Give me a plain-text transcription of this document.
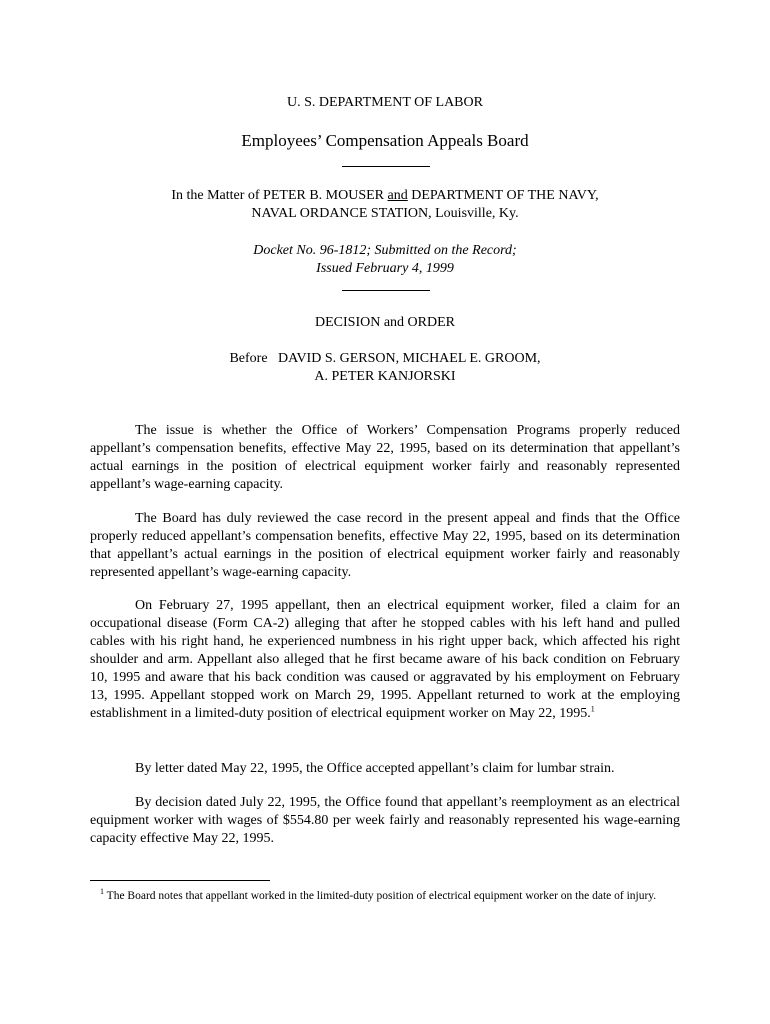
U. S. DEPARTMENT OF LABOR
Employees’ Compensation Appeals Board
In the Matter of PETER B. MOUSER and DEPARTMENT OF THE NAVY,
NAVAL ORDANCE STATION, Louisville, Ky.
Docket No. 96-1812; Submitted on the Record;
Issued February 4, 1999
DECISION and ORDER
Before   DAVID S. GERSON, MICHAEL E. GROOM,
A. PETER KANJORSKI

The issue is whether the Office of Workers’ Compensation Programs properly reduced appellant’s compensation benefits, effective May 22, 1995, based on its determination that appellant’s actual earnings in the position of electrical equipment worker fairly and reasonably represented appellant’s wage-earning capacity.

The Board has duly reviewed the case record in the present appeal and finds that the Office properly reduced appellant’s compensation benefits, effective May 22, 1995, based on its determination that appellant’s actual earnings in the position of electrical equipment worker fairly and reasonably represented appellant’s wage-earning capacity.

On February 27, 1995 appellant, then an electrical equipment worker, filed a claim for an occupational disease (Form CA-2) alleging that after he stopped cables with his left hand and pulled cables with his right hand, he experienced numbness in his right upper back, which affected his right shoulder and arm. Appellant also alleged that he first became aware of his back condition on February 10, 1995 and aware that his back condition was caused or aggravated by his employment on February 13, 1995. Appellant stopped work on March 29, 1995. Appellant returned to work at the employing establishment in a limited-duty position of electrical equipment worker on May 22, 1995.$^1$

By letter dated May 22, 1995, the Office accepted appellant’s claim for lumbar strain.

By decision dated July 22, 1995, the Office found that appellant’s reemployment as an electrical equipment worker with wages of $554.80 per week fairly and reasonably represented his wage-earning capacity effective May 22, 1995.

$^1$ The Board notes that appellant worked in the limited-duty position of electrical equipment worker on the date of injury.
